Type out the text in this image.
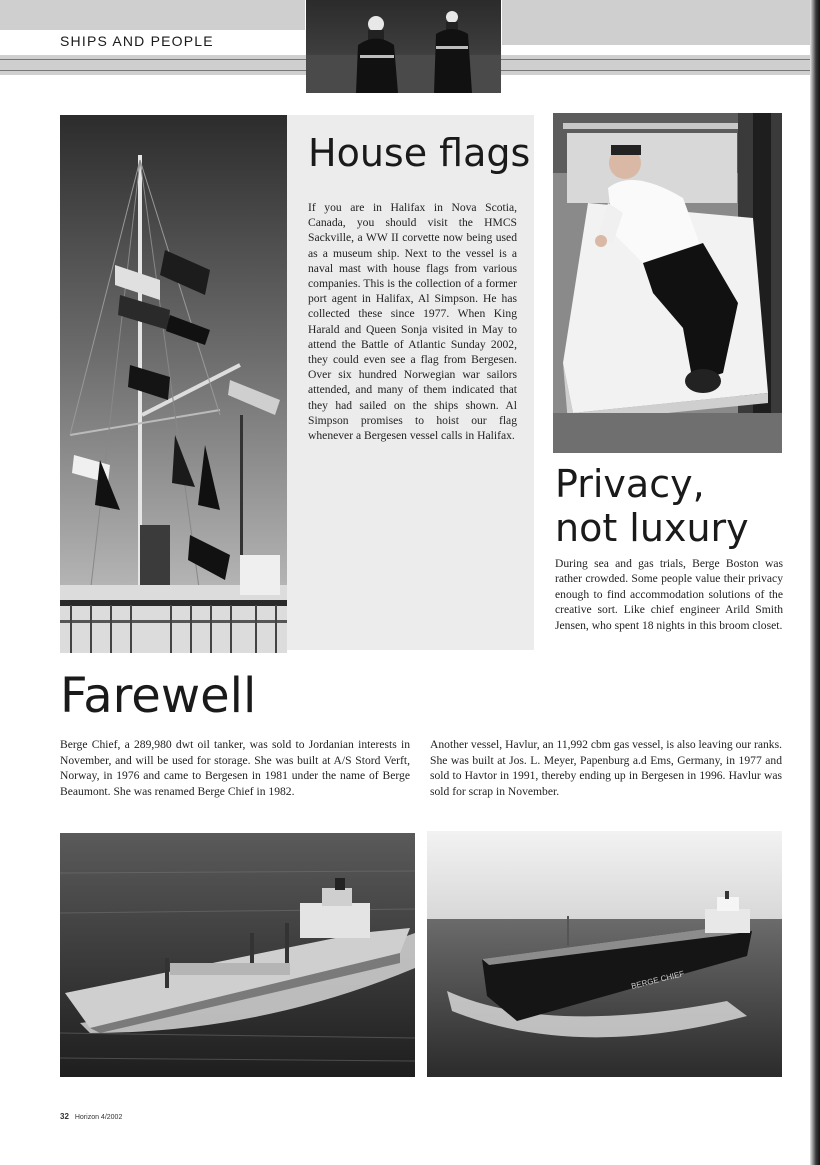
SHIPS AND PEOPLE
House flags

If you are in Halifax in Nova Scotia, Canada, you should visit the HMCS Sackville, a WW II corvette now being used as a museum ship. Next to the vessel is a naval mast with house flags from various companies. This is the collection of a former port agent in Halifax, Al Simpson. He has collected these since 1977. When King Harald and Queen Sonja visited in May to attend the Battle of Atlantic Sunday 2002, they could even see a flag from Bergesen. Over six hundred Norwegian war sailors attended, and many of them indicated that they had sailed on the ships shown. Al Simpson promises to hoist our flag whenever a Bergesen vessel calls in Halifax.

Privacy,
not luxury

During sea and gas trials, Berge Boston was rather crowded. Some people value their privacy enough to find accommodation solutions of the creative sort. Like chief engineer Arild Smith Jensen, who spent 18 nights in this broom closet.

Farewell

Berge Chief, a 289,980 dwt oil tanker, was sold to Jordanian interests in November, and will be used for storage. She was built at A/S Stord Verft, Norway, in 1976 and came to Bergesen in 1981 under the name of Berge Beaumont. She was renamed Berge Chief in 1982.

Another vessel, Havlur, an 11,992 cbm gas vessel, is also leaving our ranks. She was built at Jos. L. Meyer, Papenburg a.d Ems, Germany, in 1977 and sold to Havtor in 1991, thereby ending up in Bergesen in 1996. Havlur was sold for scrap in November.

BERGE CHIEF
32 Horizon 4/2002
